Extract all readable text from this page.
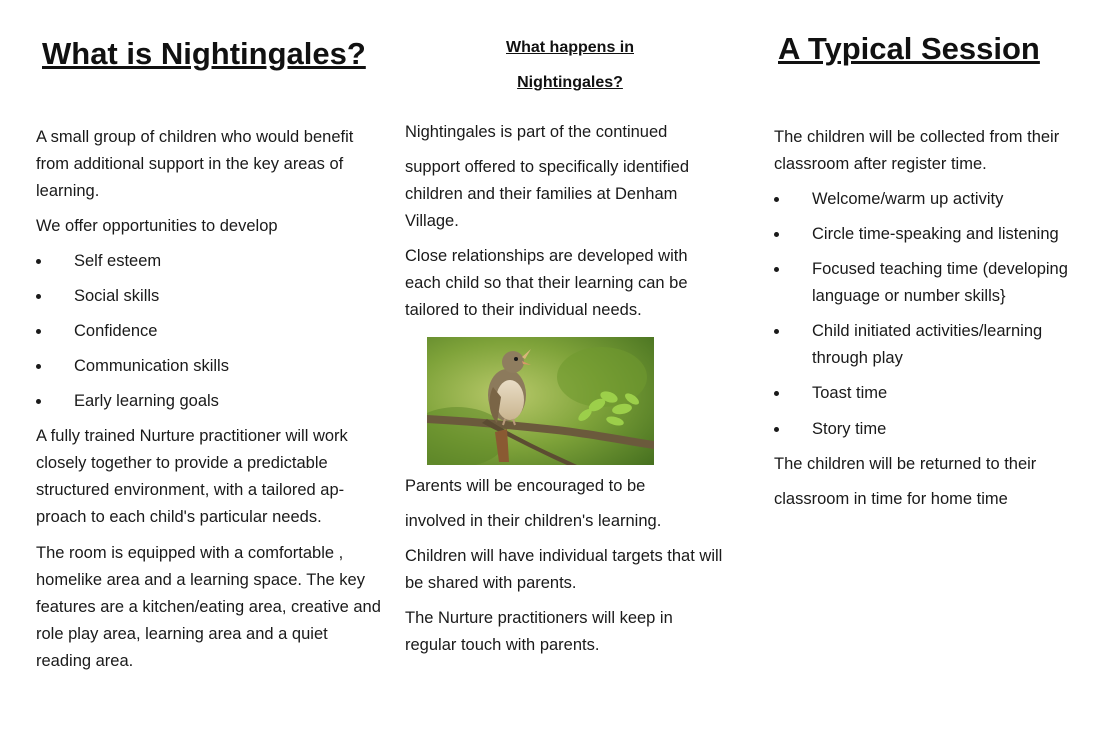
What is Nightingales?

A small group of children who would benefit from additional support in the key areas of learning.

We offer opportunities to develop

Self esteem
Social skills
Confidence
Communication skills
Early learning goals

A fully trained Nurture practitioner will work closely together to provide a predictable structured environment, with a tailored ap-proach to each child's particular needs.

The room is equipped with a comfortable , homelike area and a learning space. The key features are a kitchen/eating area, creative and role play area, learning area and a quiet reading area.

What happens in
Nightingales?

Nightingales is part of the continued

support offered to specifically identified children and their families at Denham Village.

Close relationships are developed with each child so that their learning can be tailored to their individual needs.

Parents will be encouraged to be

involved in their children's learning.

Children will have individual targets that will be shared with parents.

The Nurture practitioners will keep in regular touch with parents.

A Typical Session

The children will be collected from their classroom after register time.

Welcome/warm up activity
Circle time-speaking and listening
Focused teaching time (developing language or number skills}
Child initiated activities/learning through play
Toast time
Story time

The children will be returned to their

classroom in time for home time
